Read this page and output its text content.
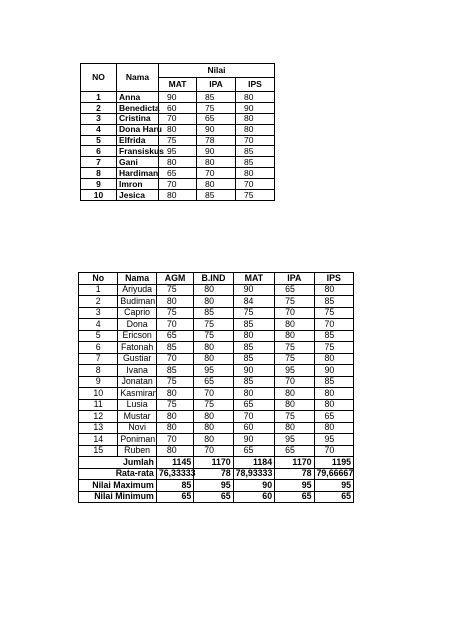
NO	Nama	Nilai		
		MAT	IPA	IPS
1	Anna	90	85	80
2	Benedicta	60	75	90
3	Cristina	70	65	80
4	Dona Haru	80	90	80
5	Elfrida	75	78	70
6	Fransiskus	95	90	85
7	Gani	80	80	85
8	Hardiman	65	70	80
9	Imron	70	80	70
10	Jesica	80	85	75
No	Nama	AGM	B.IND	MAT	IPA	IPS
1	Ariyuda	75	80	90	65	80
2	Budiman	80	80	84	75	85
3	Caprio	75	85	75	70	75
4	Dona	70	75	85	80	70
5	Ericson	65	75	80	80	85
6	Fatonah	85	80	85	75	75
7	Gustiar	70	80	85	75	80
8	Ivana	85	95	90	95	90
9	Jonatan	75	65	85	70	85
10	Kasmiran	80	70	80	80	80
11	Lusia	75	75	65	80	80
12	Mustar	80	80	70	75	65
13	Novi	80	80	60	80	80
14	Poniman	70	80	90	95	95
15	Ruben	80	70	65	65	70
Jumlah		1145	1170	1184	1170	1195
Rata-rata		76,33333	78	78,93333	78	79,66667
Nilai Maximum		85	95	90	95	95
Nilai Minimum		65	65	60	65	65
